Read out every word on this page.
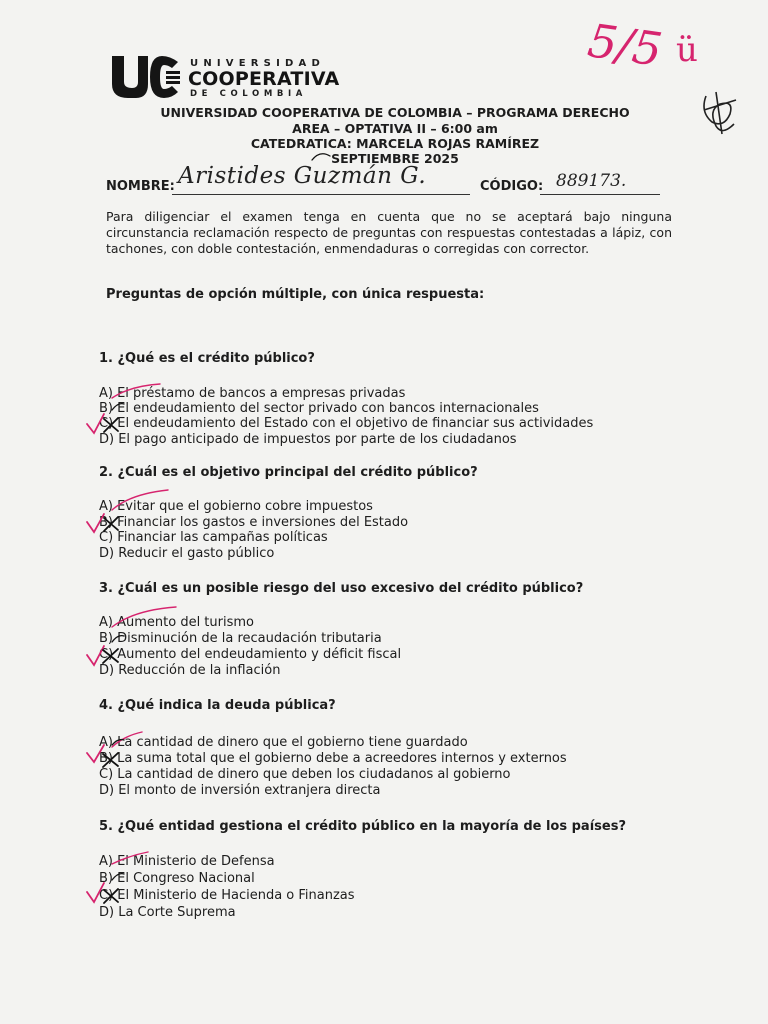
UNIVERSIDAD
COOPERATIVA
DE COLOMBIA
UNIVERSIDAD COOPERATIVA DE COLOMBIA – PROGRAMA DERECHO
AREA – OPTATIVA II – 6:00 am
CATEDRATICA: MARCELA ROJAS RAMÍREZ
SEPTIEMBRE 2025
NOMBRE: Aristides Guzmán G.	CÓDIGO: 889173.
5/5 ü
Para diligenciar el examen tenga en cuenta que no se aceptará bajo ninguna circunstancia reclamación respecto de preguntas con respuestas contestadas a lápiz, con tachones, con doble contestación, enmendaduras o corregidas con corrector.
Preguntas de opción múltiple, con única respuesta:
1. ¿Qué es el crédito público?
A) El préstamo de bancos a empresas privadas
B) El endeudamiento del sector privado con bancos internacionales
C) El endeudamiento del Estado con el objetivo de financiar sus actividades
D) El pago anticipado de impuestos por parte de los ciudadanos
2. ¿Cuál es el objetivo principal del crédito público?
A) Evitar que el gobierno cobre impuestos
B) Financiar los gastos e inversiones del Estado
C) Financiar las campañas políticas
D) Reducir el gasto público
3. ¿Cuál es un posible riesgo del uso excesivo del crédito público?
A) Aumento del turismo
B) Disminución de la recaudación tributaria
C) Aumento del endeudamiento y déficit fiscal
D) Reducción de la inflación
4. ¿Qué indica la deuda pública?
A) La cantidad de dinero que el gobierno tiene guardado
B) La suma total que el gobierno debe a acreedores internos y externos
C) La cantidad de dinero que deben los ciudadanos al gobierno
D) El monto de inversión extranjera directa
5. ¿Qué entidad gestiona el crédito público en la mayoría de los países?
A) El Ministerio de Defensa
B) El Congreso Nacional
C) El Ministerio de Hacienda o Finanzas
D) La Corte Suprema
